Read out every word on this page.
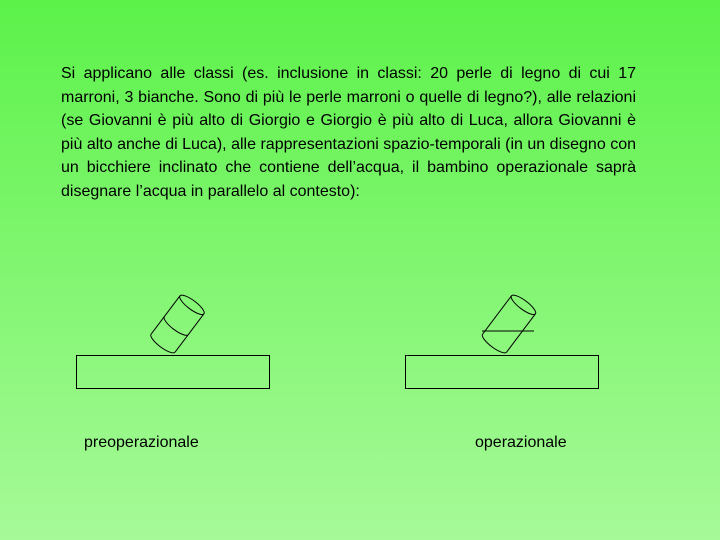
Si applicano alle classi (es. inclusione in classi: 20 perle di legno di cui 17 marroni, 3 bianche. Sono di più le perle marroni o quelle di legno?), alle relazioni (se Giovanni è più alto di Giorgio e Giorgio è più alto di Luca, allora Giovanni è più alto anche di Luca), alle rappresentazioni spazio-temporali (in un disegno con un bicchiere inclinato che contiene dell’acqua, il bambino operazionale saprà disegnare l’acqua in parallelo al contesto):

preoperazionale	operazionale
